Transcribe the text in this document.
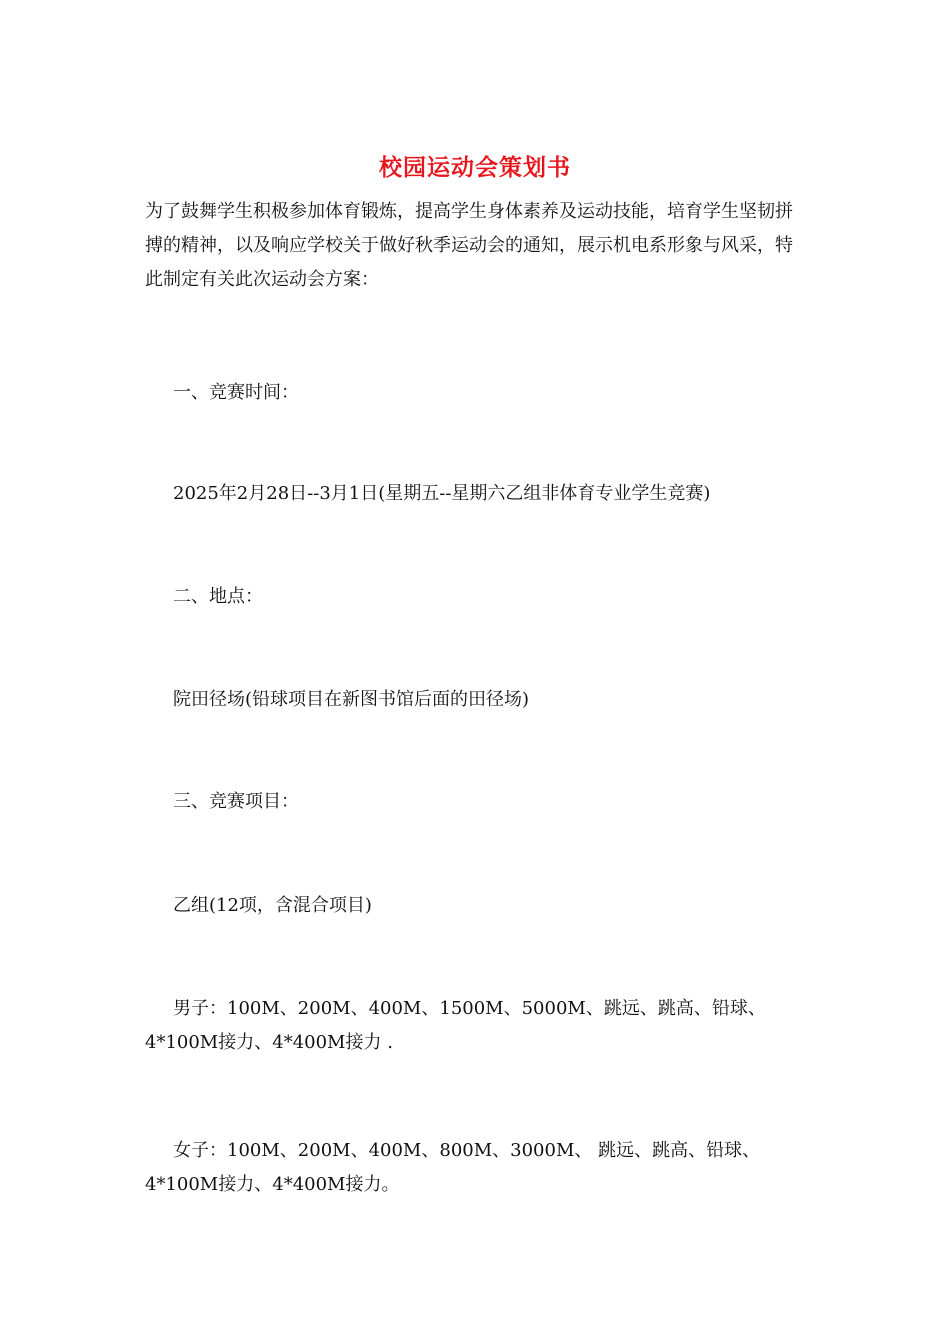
校园运动会策划书

为了鼓舞学生积极参加体育锻炼，提高学生身体素养及运动技能，培育学生坚韧拼搏的精神，以及响应学校关于做好秋季运动会的通知，展示机电系形象与风采，特此制定有关此次运动会方案：

一、竞赛时间：

2025年2月28日--3月1日(星期五--星期六乙组非体育专业学生竞赛)

二、地点：

院田径场(铅球项目在新图书馆后面的田径场)

三、竞赛项目：

乙组(12项，含混合项目)

男子：100M、200M、400M、1500M、5000M、跳远、跳高、铅球、4*100M接力、4*400M接力 .

女子：100M、200M、400M、800M、3000M、 跳远、跳高、铅球、4*100M接力、4*400M接力。
